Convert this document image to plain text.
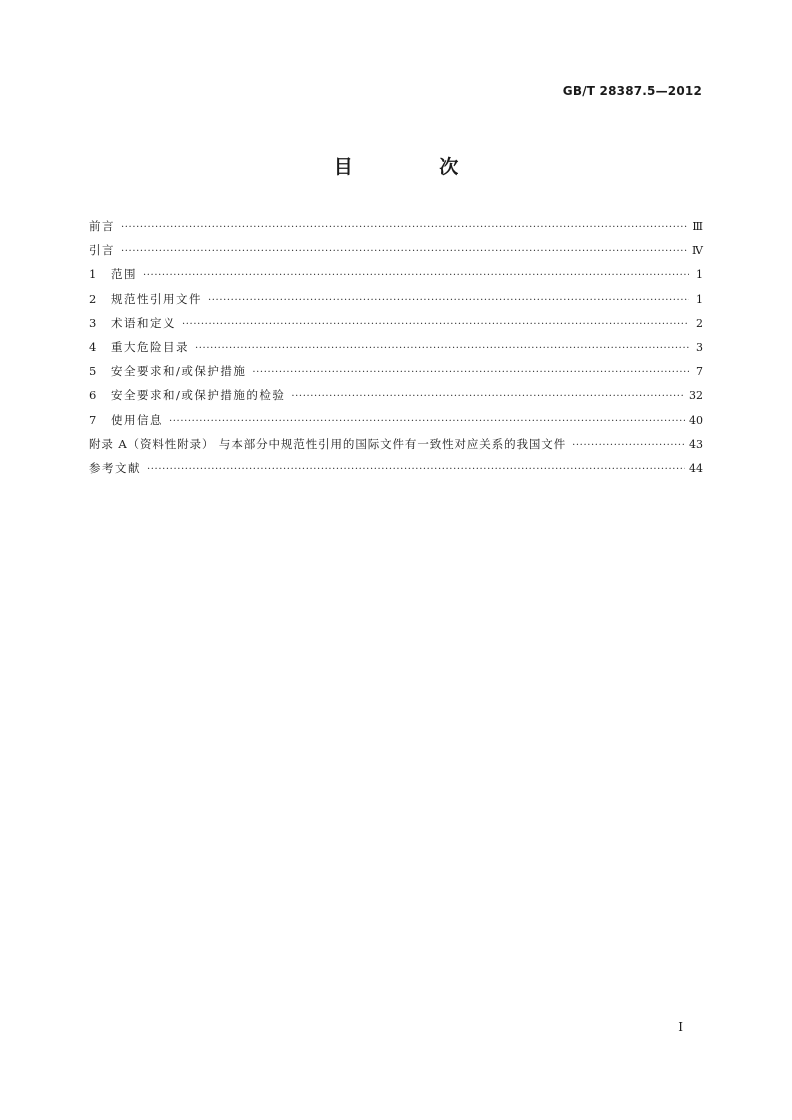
GB/T 28387.5—2012
目 次
前言 ·····	Ⅲ
引言 ·····	Ⅳ
1	范围 ·····	1
2	规范性引用文件 ·····	1
3	术语和定义 ·····	2
4	重大危险目录 ·····	3
5	安全要求和/或保护措施 ·····	7
6	安全要求和/或保护措施的检验 ·····	32
7	使用信息 ·····	40
附录 A（资料性附录） 与本部分中规范性引用的国际文件有一致性对应关系的我国文件 ·····	43
参考文献 ·····	44
I
